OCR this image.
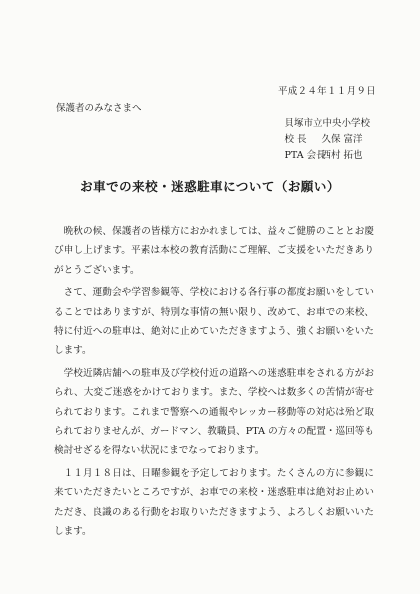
平成２４年１１月９日
保護者のみなさまへ
貝塚市立中央小学校
校 長 久保 富洋
PTA 会長 西村 拓也
お車での来校・迷惑駐車について（お願い）

晩秋の候、保護者の皆様方におかれましては、益々ご健勝のこととお慶び申し上げます。平素は本校の教育活動にご理解、ご支援をいただきありがとうございます。

さて、運動会や学習参観等、学校における各行事の都度お願いをしていることではありますが、特別な事情の無い限り、改めて、お車での来校、特に付近への駐車は、絶対に止めていただきますよう、強くお願いをいたします。

学校近隣店舗への駐車及び学校付近の道路への迷惑駐車をされる方がおられ、大変ご迷惑をかけております。また、学校へは数多くの苦情が寄せられております。これまで警察への通報やレッカー移動等の対応は殆ど取られておりませんが、ガードマン、教職員、PTA の方々の配置・巡回等も検討せざるを得ない状況にまでなっております。

１１月１８日は、日曜参観を予定しております。たくさんの方に参観に来ていただきたいところですが、お車での来校・迷惑駐車は絶対お止めいただき、良識のある行動をお取りいただきますよう、よろしくお願いいたします。
